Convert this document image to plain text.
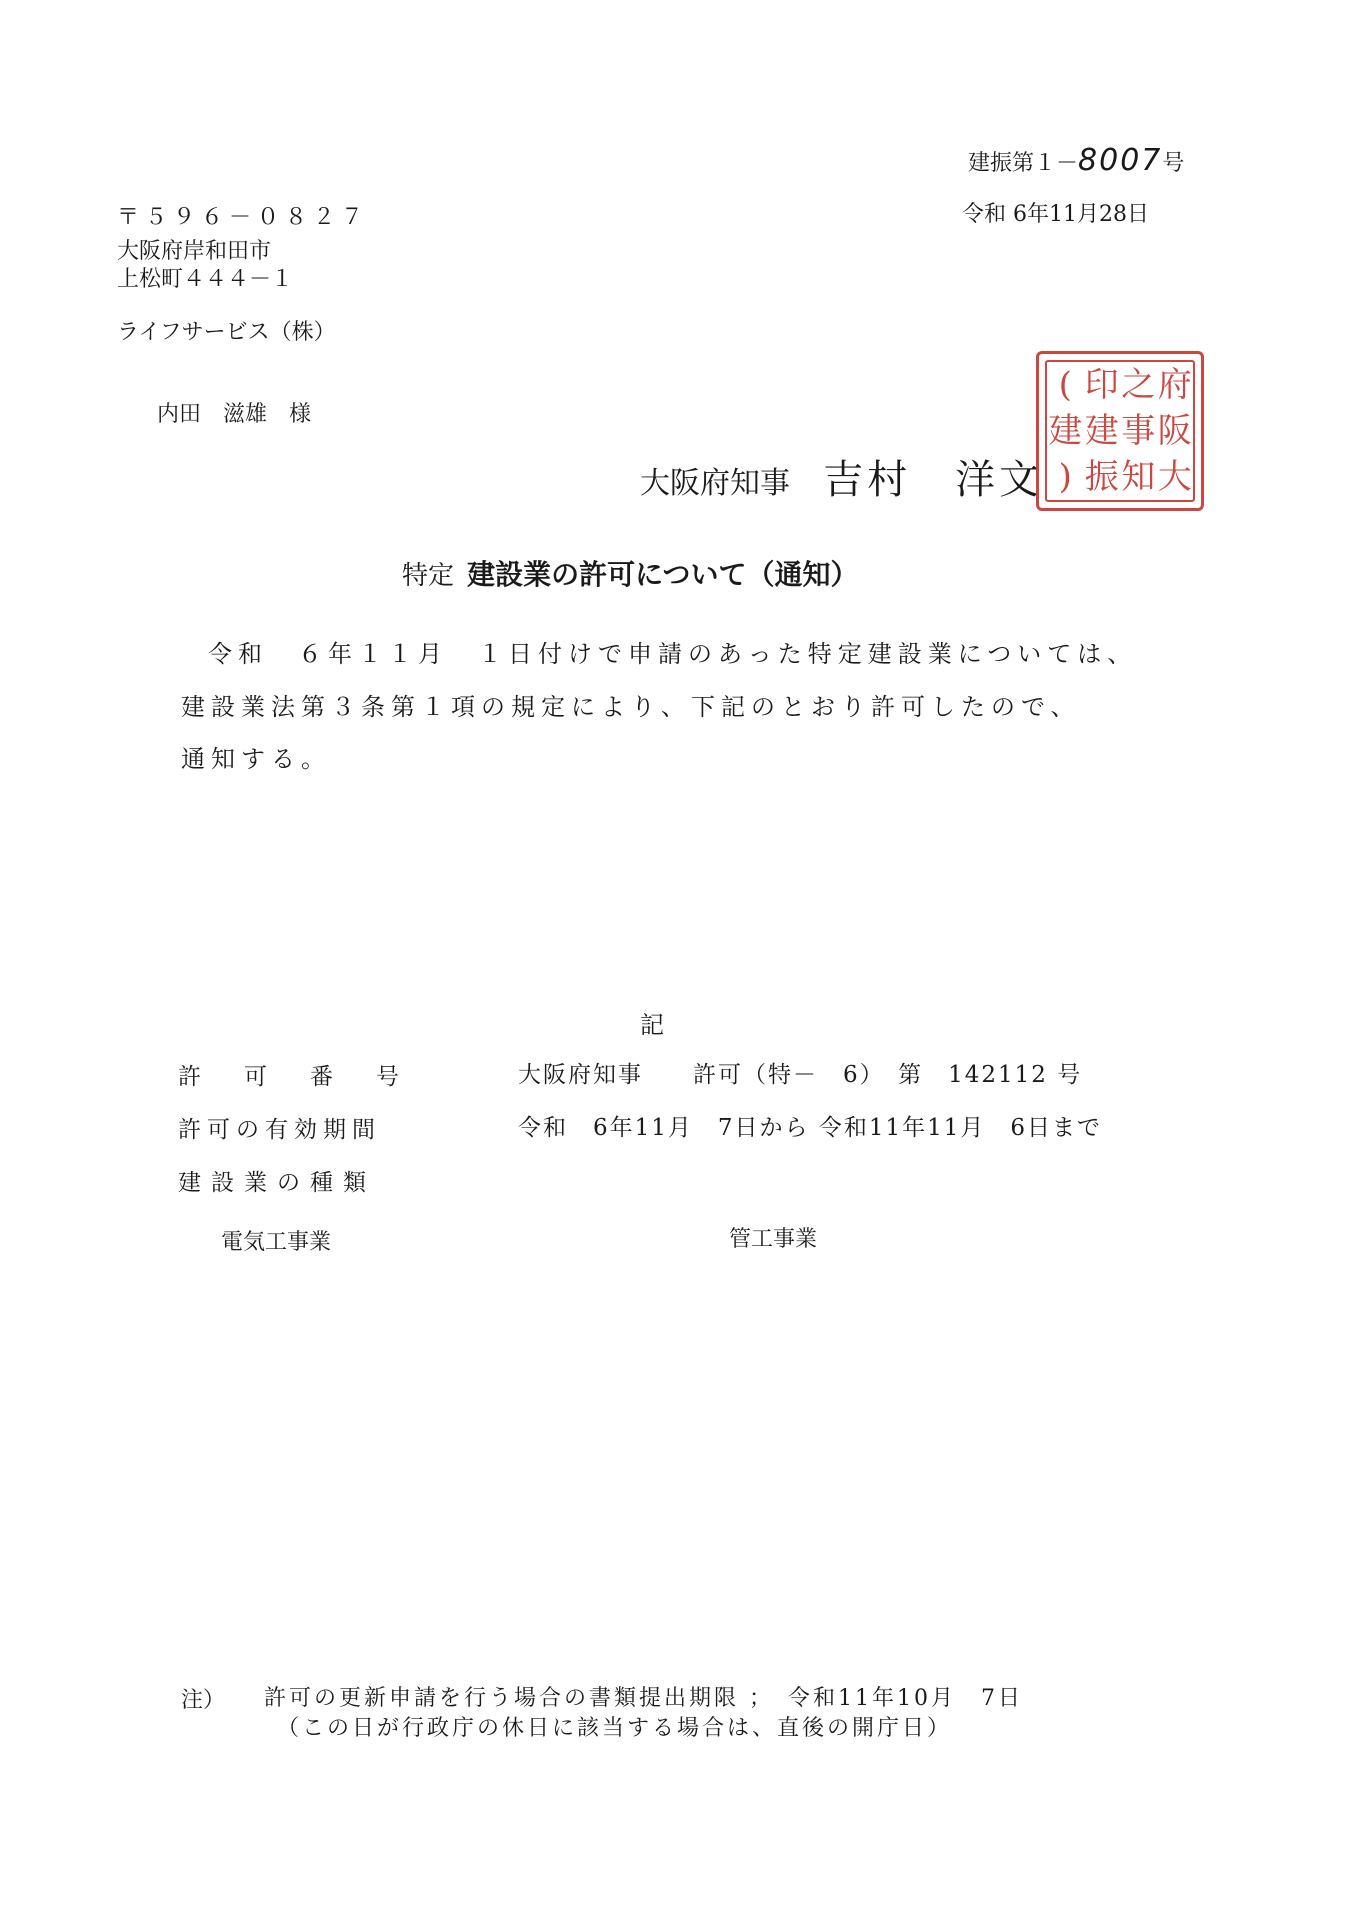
建振第１－8007号
令和 6年11月28日
〒５９６－０８２７
大阪府岸和田市
上松町４４４－１
ライフサービス（株）
内田　滋雄　様
大阪府知事 吉村　洋文
府
阪
大
之
事
知
印
建
振
(
建
)
特定 建設業の許可について（通知）
令和　６年１１月　１日付けで申請のあった特定建設業については、
建設業法第３条第１項の規定により、下記のとおり許可したので、
通知する。
記
許　可　番　号	大阪府知事　　許可（特－　6）　第　142112 号
許可の有効期間	令和　6年11月　7日から 令和11年11月　6日まで
建設業の種類
電気工事業	管工事業
注） 許可の更新申請を行う場合の書類提出期限 ；　令和11年10月　7日
（この日が行政庁の休日に該当する場合は、直後の開庁日）
